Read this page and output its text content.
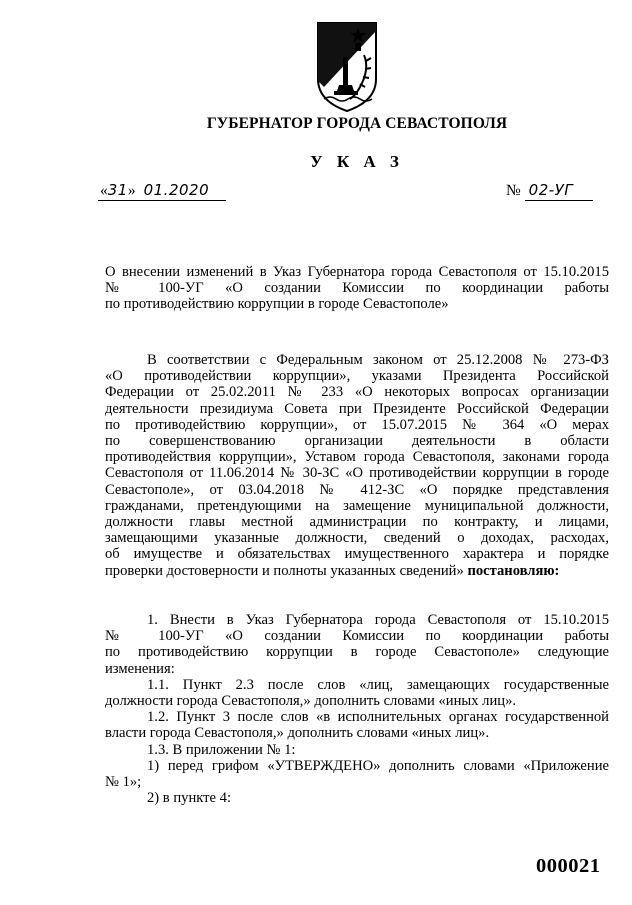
ГУБЕРНАТОР ГОРОДА СЕВАСТОПОЛЯ
У К А З
«31» 01.2020	№ 02-УГ

О внесении изменений в Указ Губернатора города Севастополя от 15.10.2015

№ 100-УГ «О создании Комиссии по координации работы

по противодействию коррупции в городе Севастополе»

В соответствии с Федеральным законом от 25.12.2008 № 273-ФЗ

«О противодействии коррупции», указами Президента Российской

Федерации от 25.02.2011 № 233 «О некоторых вопросах организации

деятельности президиума Совета при Президенте Российской Федерации

по противодействию коррупции», от 15.07.2015 № 364 «О мерах

по совершенствованию организации деятельности в области

противодействия коррупции», Уставом города Севастополя, законами города

Севастополя от 11.06.2014 № 30-ЗС «О противодействии коррупции в городе

Севастополе», от 03.04.2018 № 412-ЗС «О порядке представления

гражданами, претендующими на замещение муниципальной должности,

должности главы местной администрации по контракту, и лицами,

замещающими указанные должности, сведений о доходах, расходах,

об имуществе и обязательствах имущественного характера и порядке

проверки достоверности и полноты указанных сведений» постановляю:

1. Внести в Указ Губернатора города Севастополя от 15.10.2015

№ 100-УГ «О создании Комиссии по координации работы

по противодействию коррупции в городе Севастополе» следующие

изменения:

1.1. Пункт 2.3 после слов «лиц, замещающих государственные

должности города Севастополя,» дополнить словами «иных лиц».

1.2. Пункт 3 после слов «в исполнительных органах государственной

власти города Севастополя,» дополнить словами «иных лиц».

1.3. В приложении № 1:

1) перед грифом «УТВЕРЖДЕНО» дополнить словами «Приложение

№ 1»;

2) в пункте 4:

000021
